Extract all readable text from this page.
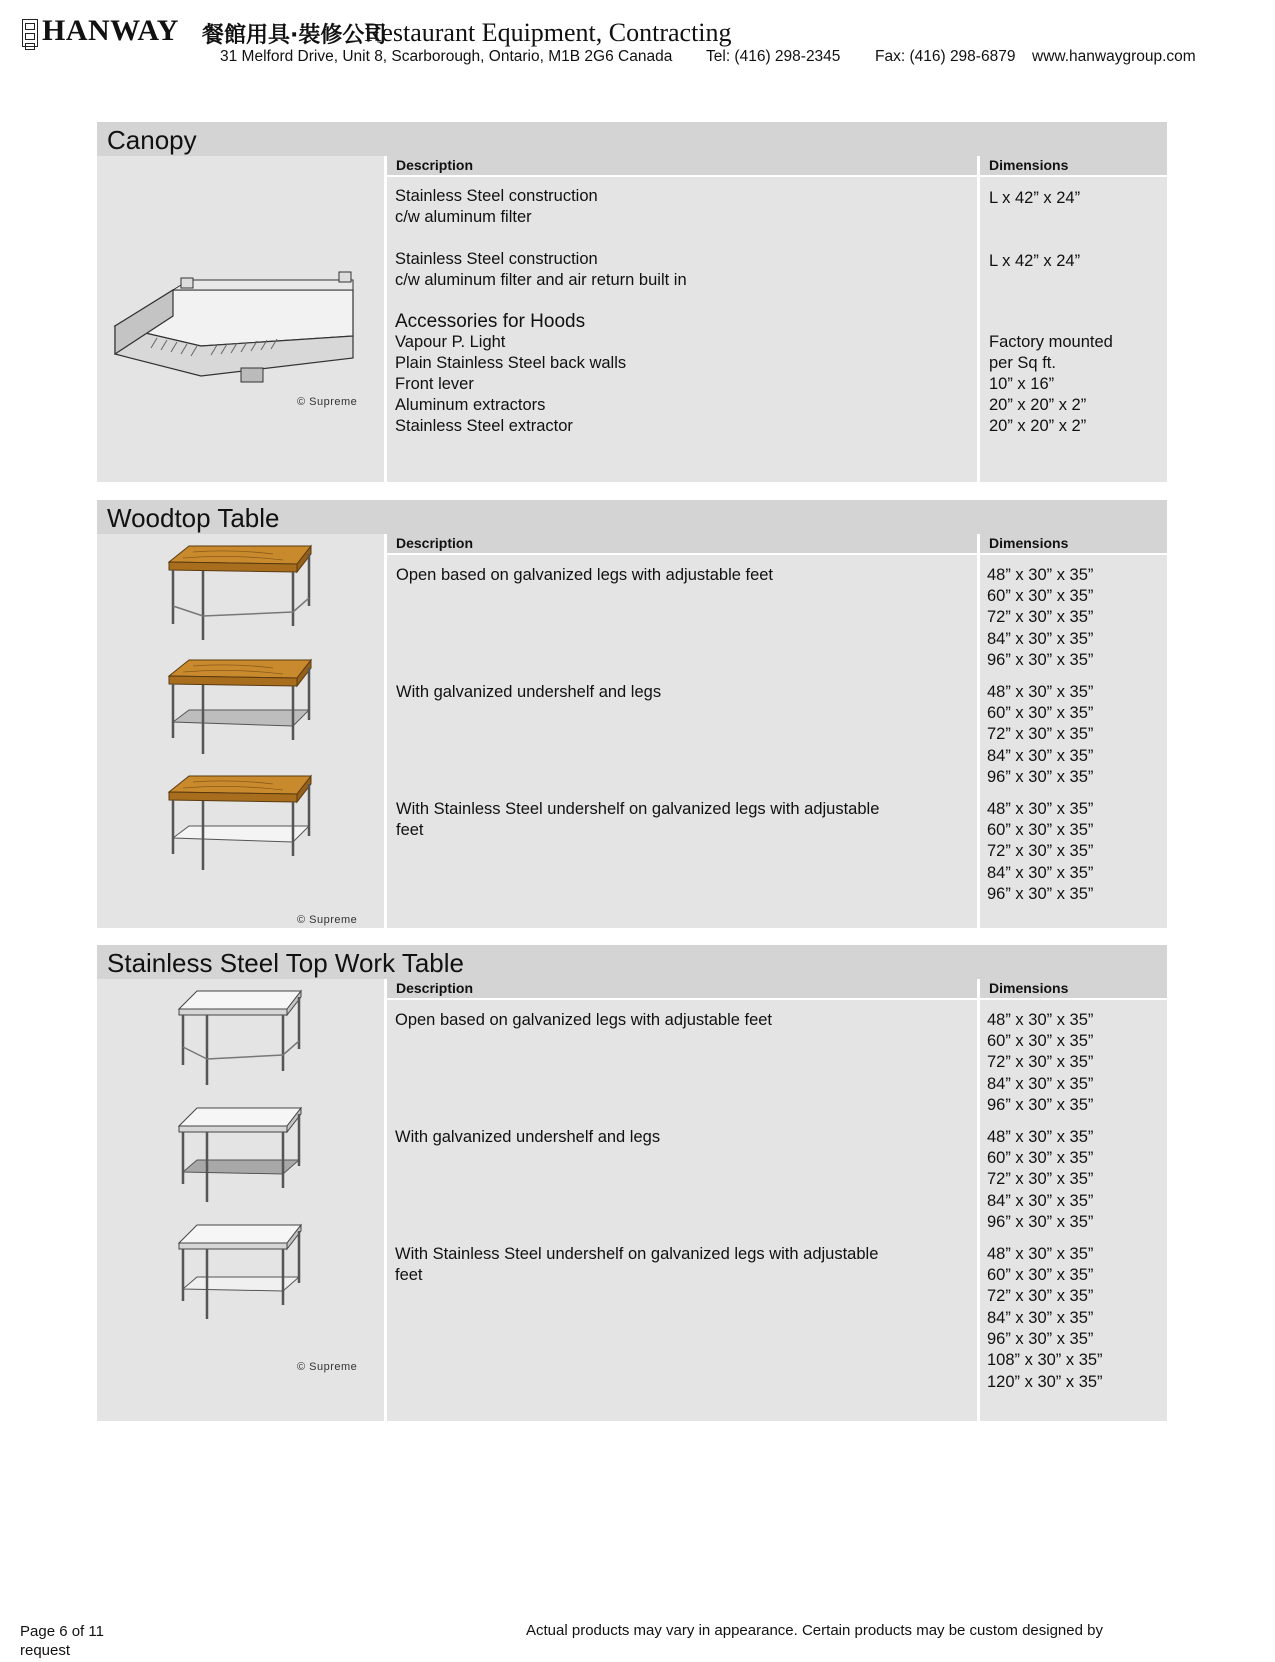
HANWAY 餐館用具·裝修公司
Restaurant Equipment, Contracting
31 Melford Drive, Unit 8, Scarborough, Ontario, M1B 2G6 Canada Tel: (416) 298-2345 Fax: (416) 298-6879 www.hanwaygroup.com
Canopy
© Supreme
Description
Stainless Steel construction
c/w aluminum filter
Stainless Steel construction
c/w aluminum filter and air return built in
Accessories for Hoods
Vapour P. Light
Plain Stainless Steel back walls
Front lever
Aluminum extractors
Stainless Steel extractor
Dimensions
L x 42” x 24”
L x 42” x 24”
Factory mounted
per Sq ft.
10” x 16”
20” x 20” x 2”
20” x 20” x 2”
Woodtop Table
© Supreme
Description
Open based on galvanized legs with adjustable feet
With galvanized undershelf and legs
With Stainless Steel undershelf on galvanized legs with adjustable
feet
Dimensions
48” x 30” x 35”
60” x 30” x 35”
72” x 30” x 35”
84” x 30” x 35”
96” x 30” x 35”
48” x 30” x 35”
60” x 30” x 35”
72” x 30” x 35”
84” x 30” x 35”
96” x 30” x 35”
48” x 30” x 35”
60” x 30” x 35”
72” x 30” x 35”
84” x 30” x 35”
96” x 30” x 35”
Stainless Steel Top Work Table
© Supreme
Description
Open based on galvanized legs with adjustable feet
With galvanized undershelf and legs
With Stainless Steel undershelf on galvanized legs with adjustable
feet
Dimensions
48” x 30” x 35”
60” x 30” x 35”
72” x 30” x 35”
84” x 30” x 35”
96” x 30” x 35”
48” x 30” x 35”
60” x 30” x 35”
72” x 30” x 35”
84” x 30” x 35”
96” x 30” x 35”
48” x 30” x 35”
60” x 30” x 35”
72” x 30” x 35”
84” x 30” x 35”
96” x 30” x 35”
108” x 30” x 35”
120” x 30” x 35”
Page 6 of 11
request
Actual products may vary in appearance. Certain products may be custom designed by
